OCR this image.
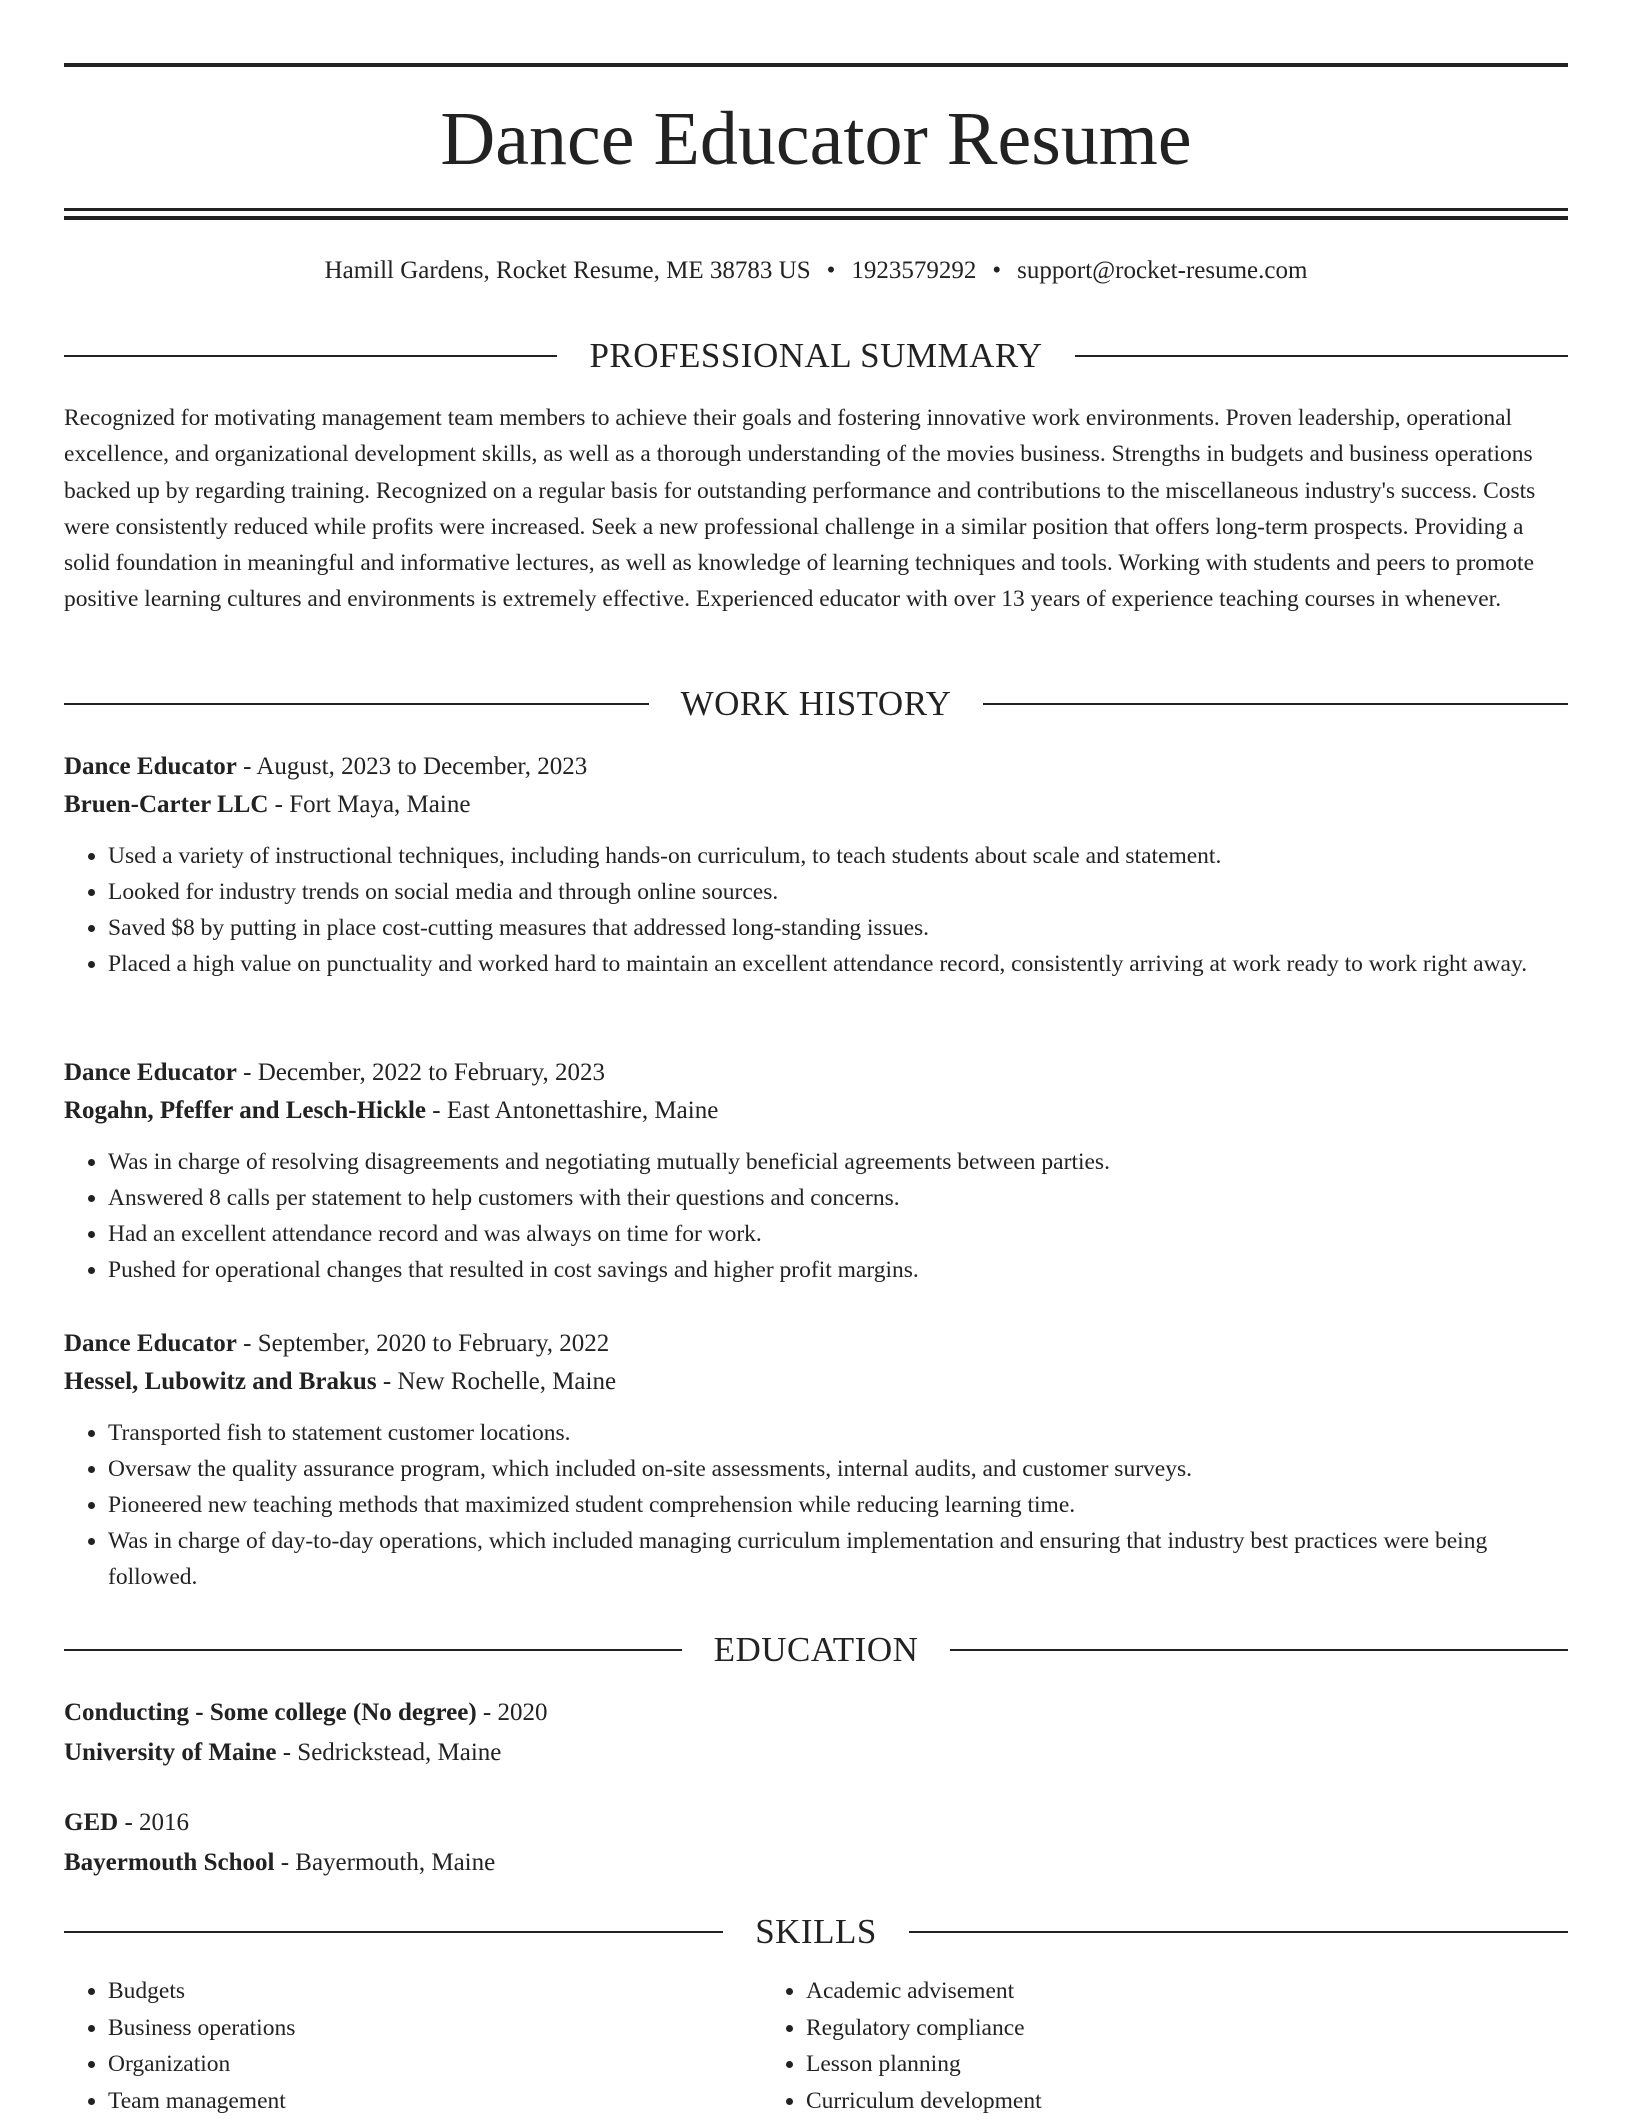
Dance Educator Resume
Hamill Gardens, Rocket Resume, ME 38783 US • 1923579292 • support@rocket-resume.com
PROFESSIONAL SUMMARY

Recognized for motivating management team members to achieve their goals and fostering innovative work environments. Proven leadership, operational excellence, and organizational development skills, as well as a thorough understanding of the movies business. Strengths in budgets and business operations backed up by regarding training. Recognized on a regular basis for outstanding performance and contributions to the miscellaneous industry's success. Costs were consistently reduced while profits were increased. Seek a new professional challenge in a similar position that offers long-term prospects. Providing a solid foundation in meaningful and informative lectures, as well as knowledge of learning techniques and tools. Working with students and peers to promote positive learning cultures and environments is extremely effective. Experienced educator with over 13 years of experience teaching courses in whenever.

WORK HISTORY

Dance Educator - August, 2023 to December, 2023

Bruen-Carter LLC - Fort Maya, Maine

• Used a variety of instructional techniques, including hands-on curriculum, to teach students about scale and statement.
• Looked for industry trends on social media and through online sources.
• Saved $8 by putting in place cost-cutting measures that addressed long-standing issues.
• Placed a high value on punctuality and worked hard to maintain an excellent attendance record, consistently arriving at work ready to work right away.

Dance Educator - December, 2022 to February, 2023

Rogahn, Pfeffer and Lesch-Hickle - East Antonettashire, Maine

• Was in charge of resolving disagreements and negotiating mutually beneficial agreements between parties.
• Answered 8 calls per statement to help customers with their questions and concerns.
• Had an excellent attendance record and was always on time for work.
• Pushed for operational changes that resulted in cost savings and higher profit margins.

Dance Educator - September, 2020 to February, 2022

Hessel, Lubowitz and Brakus - New Rochelle, Maine

• Transported fish to statement customer locations.
• Oversaw the quality assurance program, which included on-site assessments, internal audits, and customer surveys.
• Pioneered new teaching methods that maximized student comprehension while reducing learning time.
• Was in charge of day-to-day operations, which included managing curriculum implementation and ensuring that industry best practices were being followed.
EDUCATION

Conducting - Some college (No degree) - 2020

University of Maine - Sedrickstead, Maine

GED - 2016

Bayermouth School - Bayermouth, Maine

SKILLS
• Budgets
• Business operations
• Organization
• Team management
• Academic advisement
• Regulatory compliance
• Lesson planning
• Curriculum development
